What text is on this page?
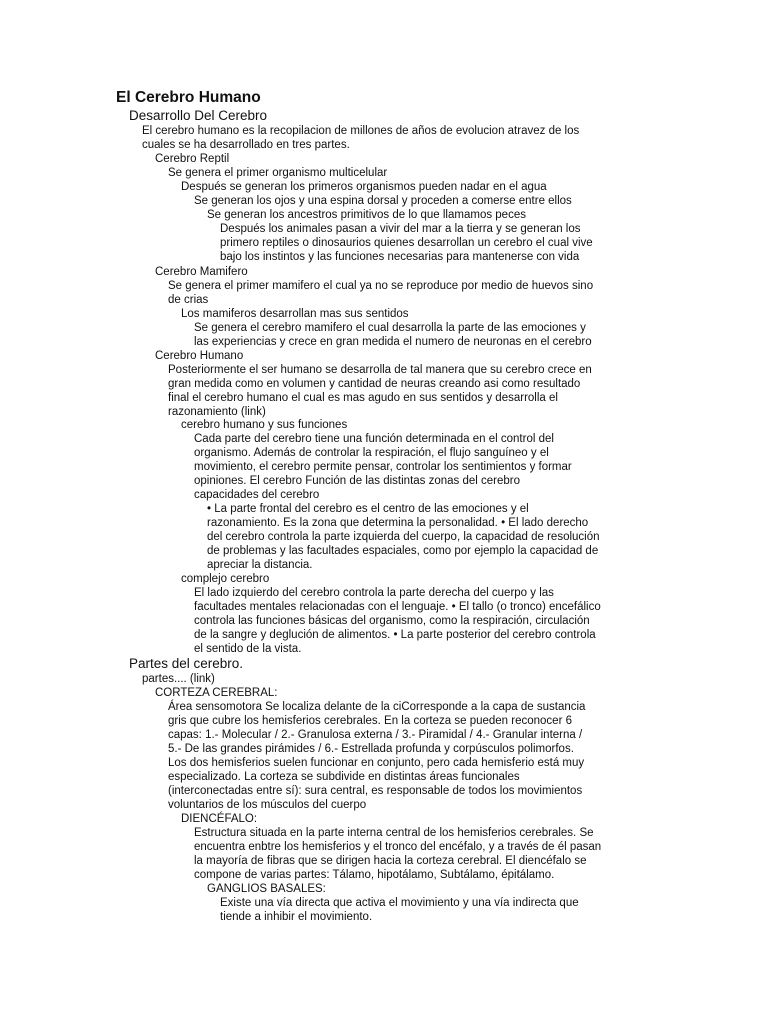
El Cerebro Humano
Desarrollo Del Cerebro
El cerebro humano es la recopilacion de millones de años de evolucion atravez de los
cuales se ha desarrollado en tres partes.
Cerebro Reptil
Se genera el primer organismo multicelular
Después se generan los primeros organismos pueden nadar en el agua
Se generan los ojos y una espina dorsal y proceden a comerse entre ellos
Se generan los ancestros primitivos de lo que llamamos peces
Después los animales pasan a vivir del mar a la tierra y se generan los
primero reptiles o dinosaurios quienes desarrollan un cerebro el cual vive
bajo los instintos y las funciones necesarias para mantenerse con vida
Cerebro Mamifero
Se genera el primer mamifero el cual ya no se reproduce por medio de huevos sino
de crias
Los mamiferos desarrollan mas sus sentidos
Se genera el cerebro mamifero el cual desarrolla la parte de las emociones y
las experiencias y crece en gran medida el numero de neuronas en el cerebro
Cerebro Humano
Posteriormente el ser humano se desarrolla de tal manera que su cerebro crece en
gran medida como en volumen y cantidad de neuras creando asi como resultado
final el cerebro humano el cual es mas agudo en sus sentidos y desarrolla el
razonamiento (link)
cerebro humano y sus funciones
Cada parte del cerebro tiene una función determinada en el control del
organismo. Además de controlar la respiración, el flujo sanguíneo y el
movimiento, el cerebro permite pensar, controlar los sentimientos y formar
opiniones. El cerebro Función de las distintas zonas del cerebro
capacidades del cerebro
• La parte frontal del cerebro es el centro de las emociones y el
razonamiento. Es la zona que determina la personalidad. • El lado derecho
del cerebro controla la parte izquierda del cuerpo, la capacidad de resolución
de problemas y las facultades espaciales, como por ejemplo la capacidad de
apreciar la distancia.
complejo cerebro
El lado izquierdo del cerebro controla la parte derecha del cuerpo y las
facultades mentales relacionadas con el lenguaje. • El tallo (o tronco) encefálico
controla las funciones básicas del organismo, como la respiración, circulación
de la sangre y deglución de alimentos. • La parte posterior del cerebro controla
el sentido de la vista.
Partes del cerebro.
partes.... (link)
CORTEZA CEREBRAL:
Área sensomotora Se localiza delante de la ciCorresponde a la capa de sustancia
gris que cubre los hemisferios cerebrales. En la corteza se pueden reconocer 6
capas: 1.- Molecular / 2.- Granulosa externa / 3.- Piramidal / 4.- Granular interna /
5.- De las grandes pirámides / 6.- Estrellada profunda y corpúsculos polimorfos.
Los dos hemisferios suelen funcionar en conjunto, pero cada hemisferio está muy
especializado. La corteza se subdivide en distintas áreas funcionales
(interconectadas entre sí): sura central, es responsable de todos los movimientos
voluntarios de los músculos del cuerpo
DIENCÉFALO:
Estructura situada en la parte interna central de los hemisferios cerebrales. Se
encuentra enbtre los hemisferios y el tronco del encéfalo, y a través de él pasan
la mayoría de fibras que se dirigen hacia la corteza cerebral. El diencéfalo se
compone de varias partes: Tálamo, hipotálamo, Subtálamo, épitálamo.
GANGLIOS BASALES:
Existe una vía directa que activa el movimiento y una vía indirecta que
tiende a inhibir el movimiento.
